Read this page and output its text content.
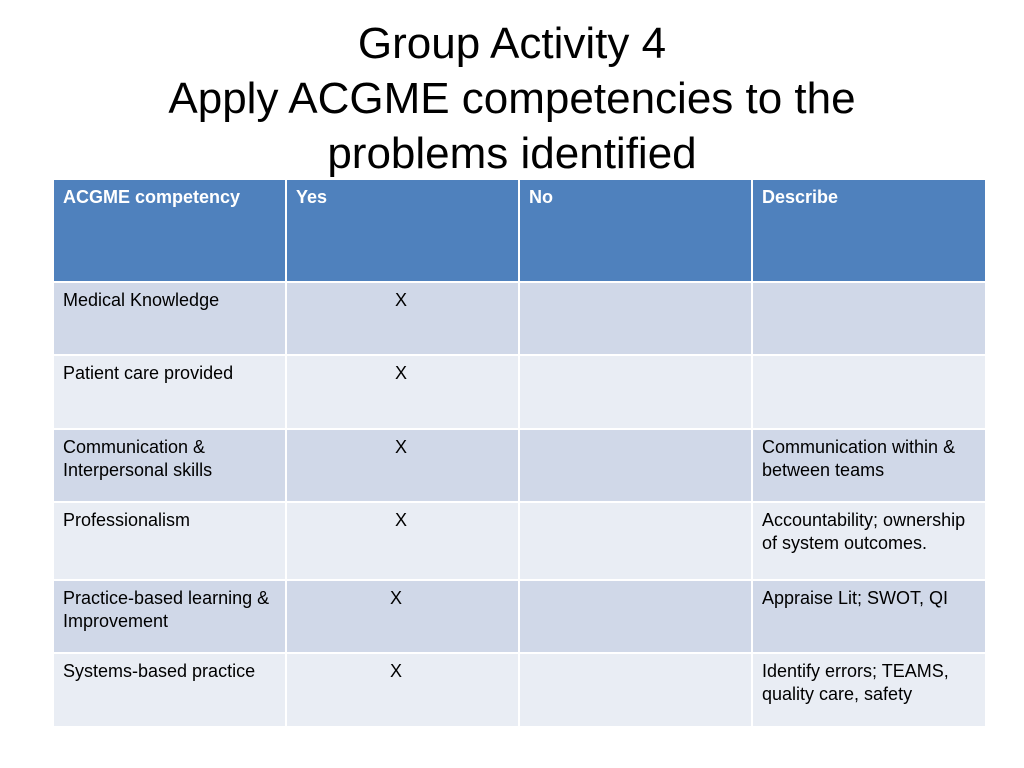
Group Activity 4
Apply ACGME competencies to the
problems identified
ACGME competency	Yes	No	Describe
Medical Knowledge	X		

Patient care provided	X		

Communication & Interpersonal skills	X		Communication within & between teams
Professionalism	X		Accountability; ownership of system outcomes.
Practice-based learning & Improvement	X		Appraise Lit; SWOT, QI
Systems-based practice	X		Identify errors; TEAMS, quality care, safety
